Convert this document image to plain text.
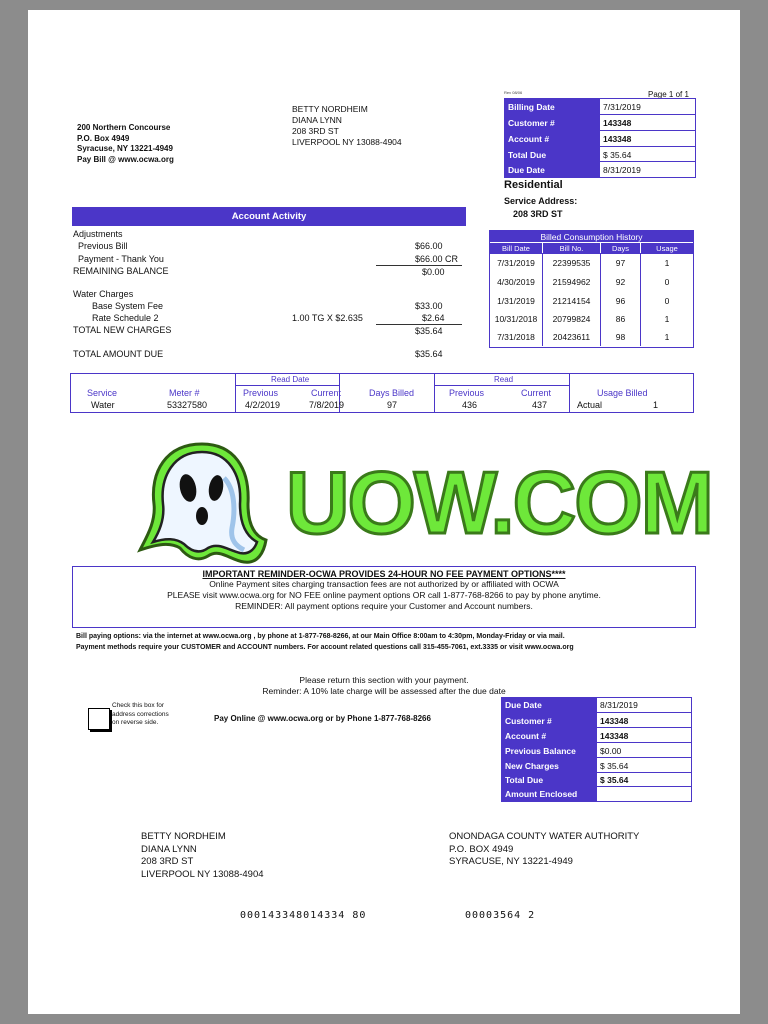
200 Northern Concourse
P.O. Box 4949
Syracuse, NY 13221-4949
Pay Bill @ www.ocwa.org
BETTY NORDHEIM
DIANA LYNN
208 3RD ST
LIVERPOOL NY 13088-4904
Rev 08/06	Page 1 of 1
Billing Date	7/31/2019
Customer #	143348
Account #	143348
Total Due	$ 35.64
Due Date	8/31/2019
Residential
Service Address:
208 3RD ST
Account Activity
Adjustments
Previous Bill	$66.00
Payment - Thank You	$66.00 CR
REMAINING BALANCE	$0.00
Water Charges
Base System Fee	$33.00
Rate Schedule 2	1.00 TG X $2.635	$2.64
TOTAL NEW CHARGES	$35.64
TOTAL AMOUNT DUE	$35.64
Billed Consumption History
Bill Date	Bill No.	Days	Usage
7/31/2019	22399535	97	1
4/30/2019	21594962	92	0
1/31/2019	21214154	96	0
10/31/2018	20799824	86	1
7/31/2018	20423611	98	1
Read Date	Read
Service	Meter #	Previous	Current	Days Billed	Previous	Current	Usage Billed
Water	53327580	4/2/2019	7/8/2019	97	436	437	Actual	1
UOW.COM
IMPORTANT REMINDER-OCWA PROVIDES 24-HOUR NO FEE PAYMENT OPTIONS****
Online Payment sites charging transaction fees are not authorized by or affiliated with OCWA
PLEASE visit www.ocwa.org for NO FEE online payment options OR call 1-877-768-8266 to pay by phone anytime.
REMINDER: All payment options require your Customer and Account numbers.
Bill paying options: via the internet at www.ocwa.org , by phone at 1-877-768-8266, at our Main Office 8:00am to 4:30pm, Monday-Friday or via mail.
Payment methods require your CUSTOMER and ACCOUNT numbers. For account related questions call 315-455-7061, ext.3335 or visit www.ocwa.org
Please return this section with your payment.
Reminder: A 10% late charge will be assessed after the due date
Check this box for address corrections on reverse side.	Pay Online @ www.ocwa.org or by Phone 1-877-768-8266
Due Date	8/31/2019
Customer #	143348
Account #	143348
Previous Balance	$0.00
New Charges	$ 35.64
Total Due	$ 35.64
Amount Enclosed
BETTY NORDHEIM
DIANA LYNN
208 3RD ST
LIVERPOOL NY 13088-4904
ONONDAGA COUNTY WATER AUTHORITY
P.O. BOX 4949
SYRACUSE, NY 13221-4949
000143348014334 80	00003564 2
